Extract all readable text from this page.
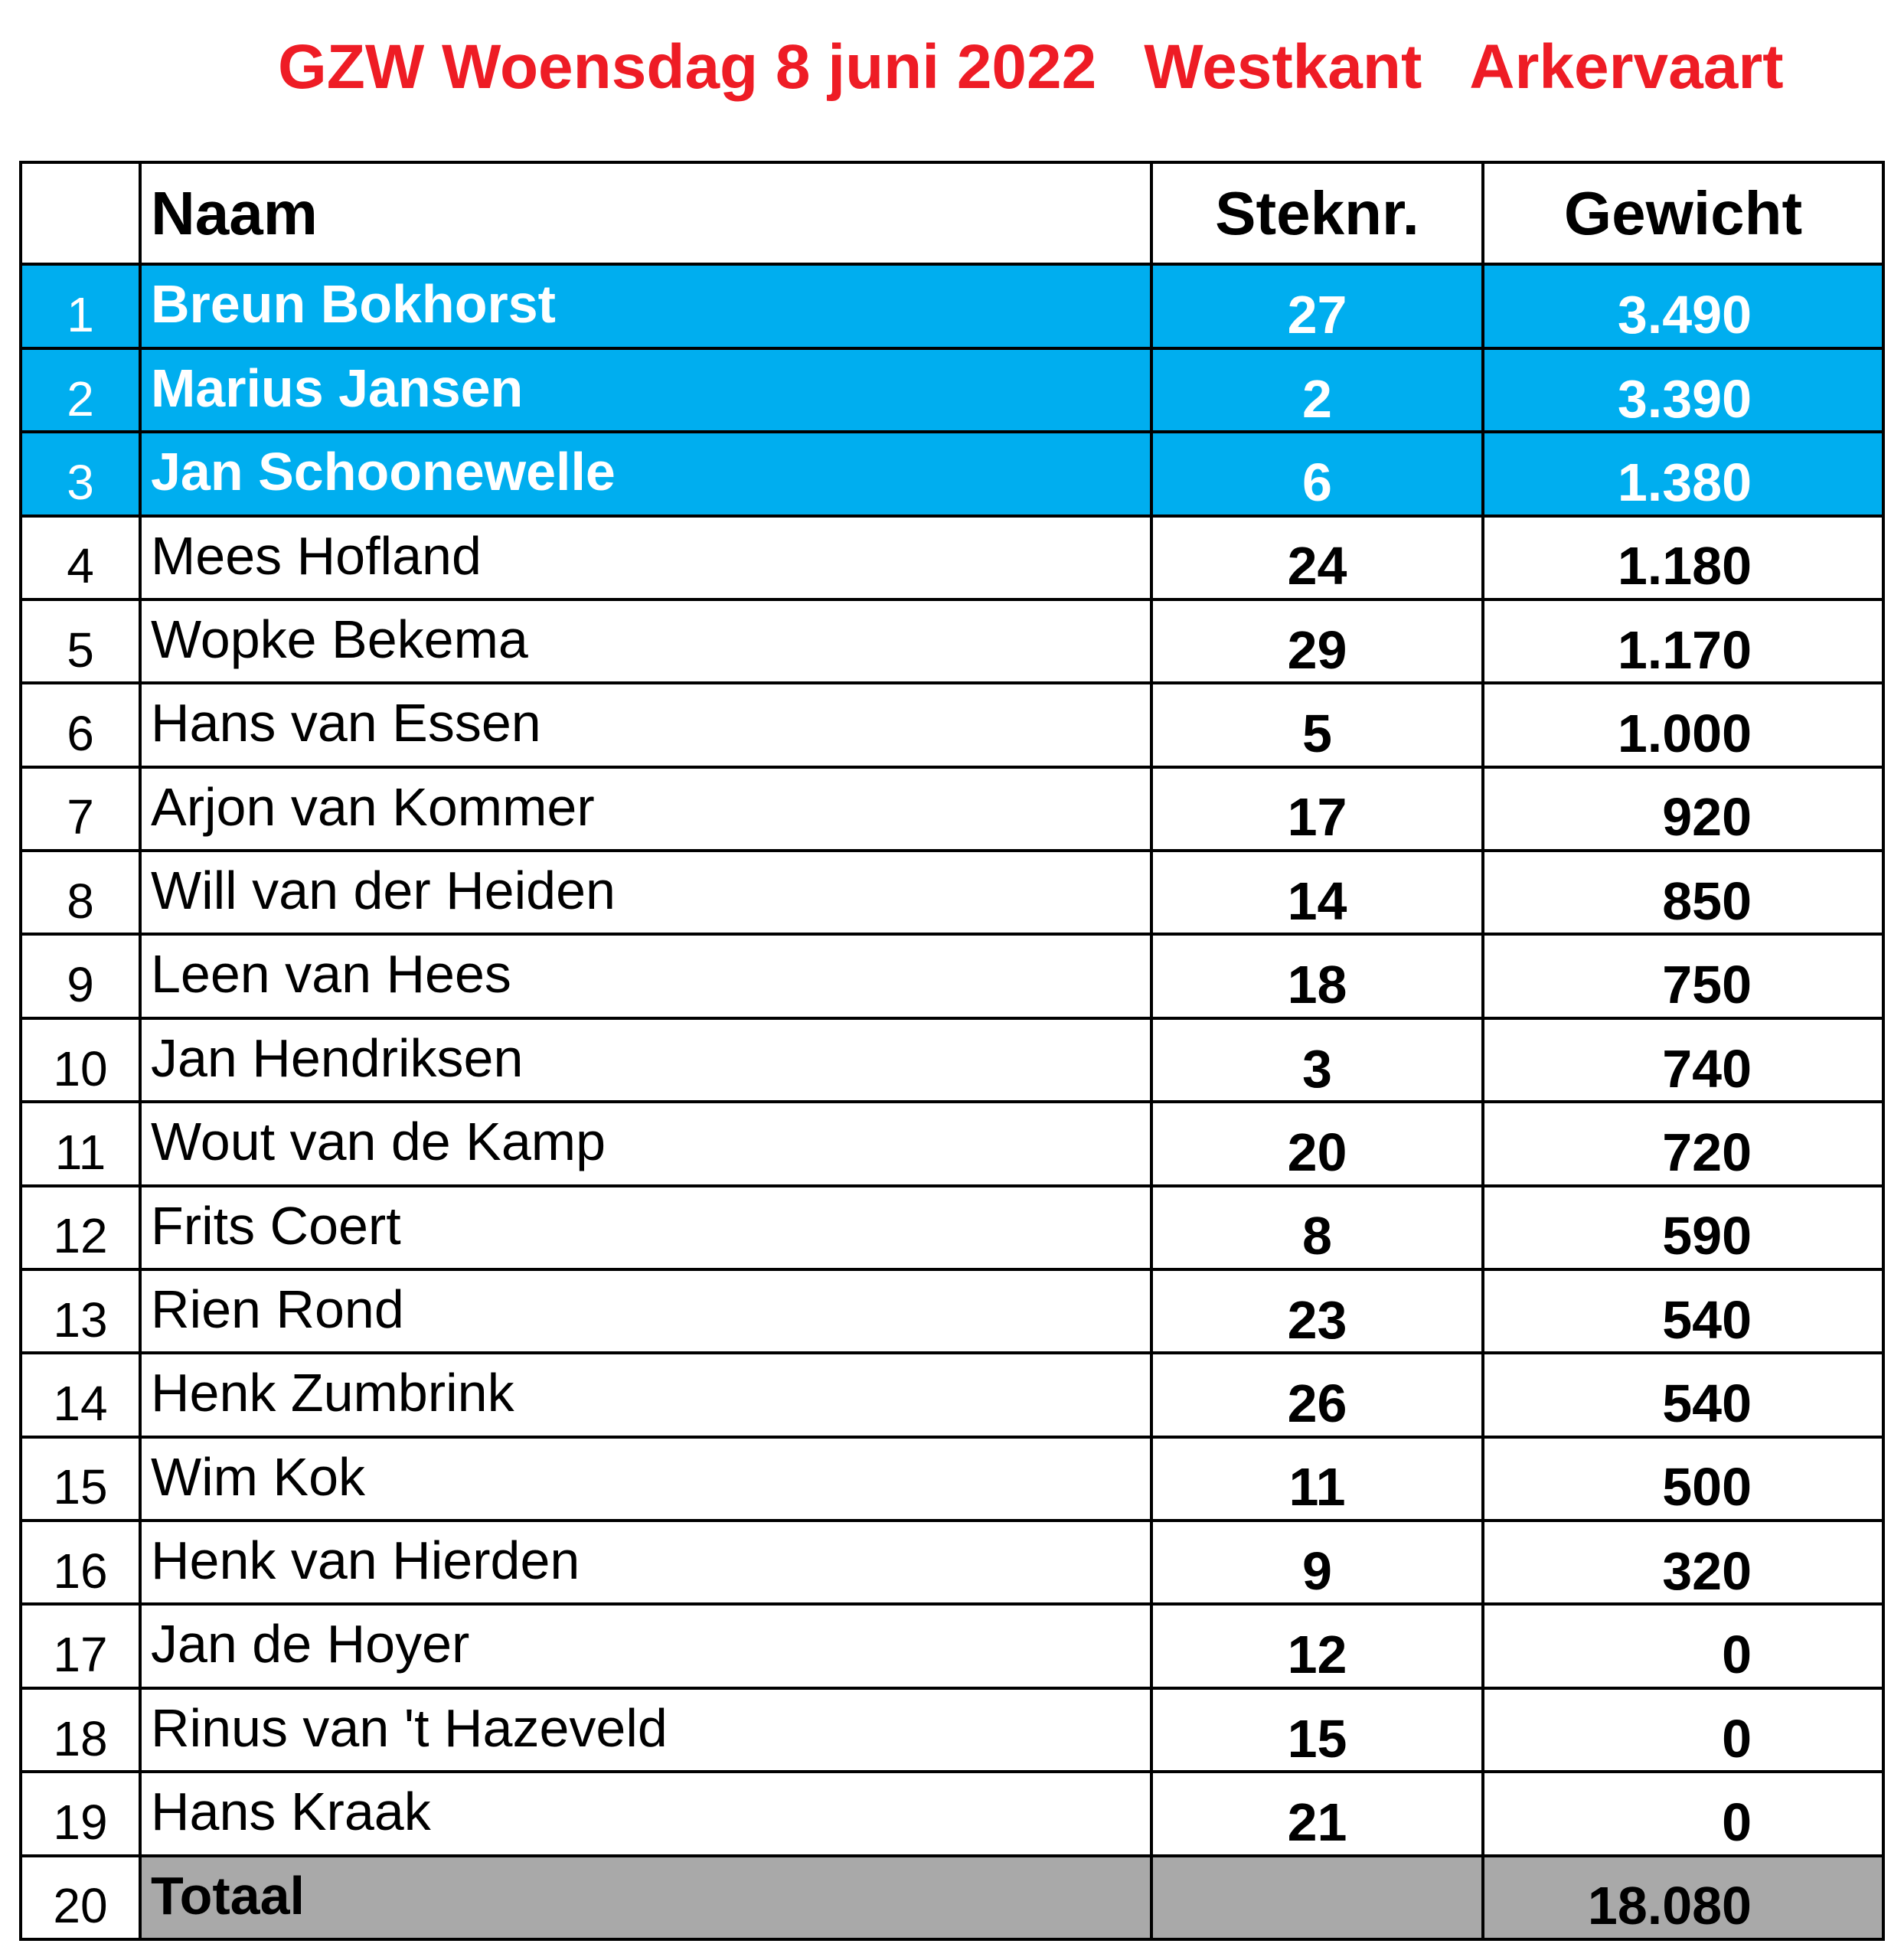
GZW Woensdag 8 juni 2022 Westkant Arkervaart
	Naam	Steknr.	Gewicht
1	Breun Bokhorst	27	3.490
2	Marius Jansen	2	3.390
3	Jan Schoonewelle	6	1.380
4	Mees Hofland	24	1.180
5	Wopke Bekema	29	1.170
6	Hans van Essen	5	1.000
7	Arjon van Kommer	17	920
8	Will van der Heiden	14	850
9	Leen van Hees	18	750
10	Jan Hendriksen	3	740
11	Wout van de Kamp	20	720
12	Frits Coert	8	590
13	Rien Rond	23	540
14	Henk Zumbrink	26	540
15	Wim Kok	11	500
16	Henk van Hierden	9	320
17	Jan de Hoyer	12	0
18	Rinus van 't Hazeveld	15	0
19	Hans Kraak	21	0
20	Totaal		18.080
